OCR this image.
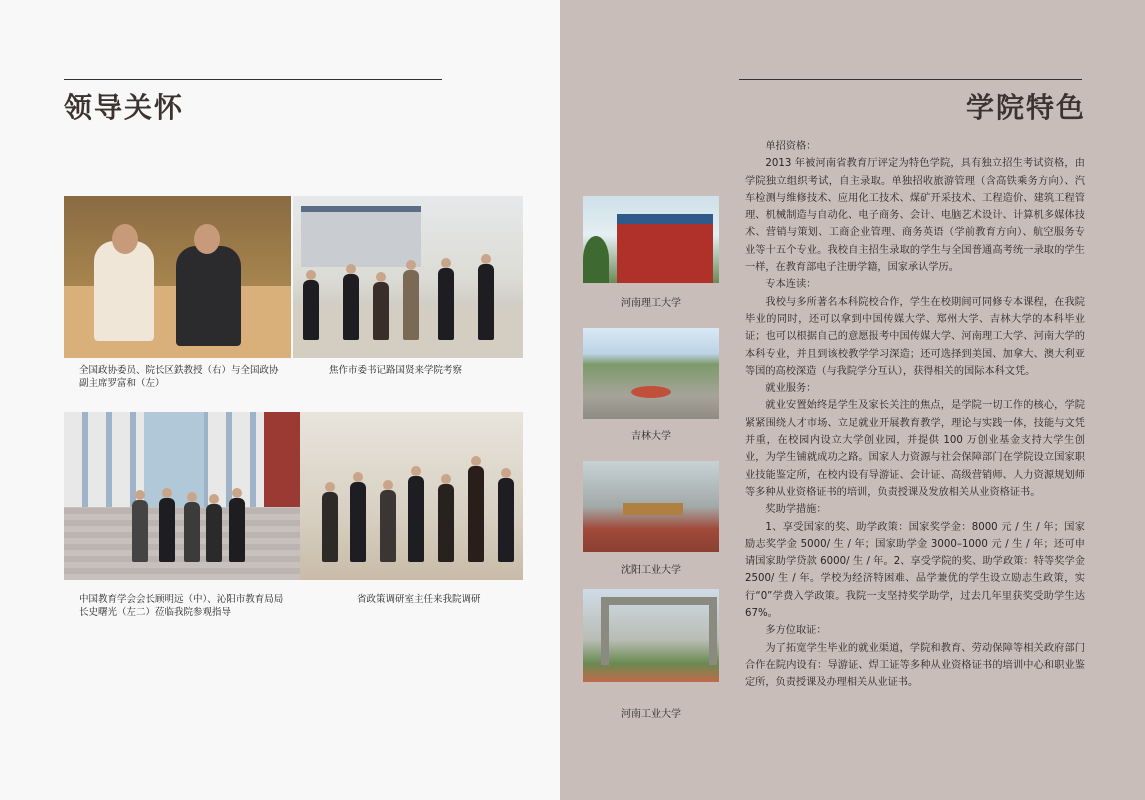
领导关怀
全国政协委员、院长区鉄教授（右）与全国政协副主席罗富和（左）
焦作市委书记路国贤来学院考察
中国教育学会会长顾明远（中）、沁阳市教育局局长史曙光（左二）莅临我院参观指导
省政策调研室主任来我院调研
学院特色
河南理工大学
吉林大学
沈阳工业大学
河南工业大学

单招资格：

2013 年被河南省教育厅评定为特色学院，具有独立招生考试资格，由学院独立组织考试，自主录取。单独招收旅游管理（含高铁乘务方向）、汽车检测与维修技术、应用化工技术、煤矿开采技术、工程造价、建筑工程管理、机械制造与自动化、电子商务、会计、电脑艺术设计、计算机多媒体技术、营销与策划、工商企业管理、商务英语（学前教育方向）、航空服务专业等十五个专业。我校自主招生录取的学生与全国普通高考统一录取的学生一样，在教育部电子注册学籍，国家承认学历。

专本连读：

我校与多所著名本科院校合作，学生在校期间可同修专本课程，在我院毕业的同时，还可以拿到中国传媒大学、郑州大学、吉林大学的本科毕业证；也可以根据自己的意愿报考中国传媒大学、河南理工大学、河南大学的本科专业，并且到该校教学学习深造；还可选择到美国、加拿大、澳大利亚等国的高校深造（与我院学分互认），获得相关的国际本科文凭。

就业服务：

就业安置始终是学生及家长关注的焦点，是学院一切工作的核心，学院紧紧围绕人才市场、立足就业开展教育教学，理论与实践一体，技能与文凭并重，在校园内设立大学创业园，并提供 100 万创业基金支持大学生创业，为学生铺就成功之路。国家人力资源与社会保障部门在学院设立国家职业技能鉴定所，在校内设有导游证、会计证、高级营销师、人力资源规划师等多种从业资格证书的培训，负责授课及发放相关从业资格证书。

奖助学措施：

1、享受国家的奖、助学政策：国家奖学金：8000 元 / 生 / 年；国家励志奖学金 5000/ 生 / 年；国家助学金 3000–1000 元 / 生 / 年；还可申请国家助学贷款 6000/ 生 / 年。2、享受学院的奖、助学政策：特等奖学金 2500/ 生 / 年。学校为经济特困难、品学兼优的学生设立励志生政策，实行“0”学费入学政策。我院一支坚持奖学助学，过去几年里获奖受助学生达 67%。

多方位取证：

为了拓宽学生毕业的就业渠道，学院和教育、劳动保障等相关政府部门合作在院内设有：导游证、焊工证等多种从业资格证书的培训中心和职业鉴定所，负责授课及办理相关从业证书。
